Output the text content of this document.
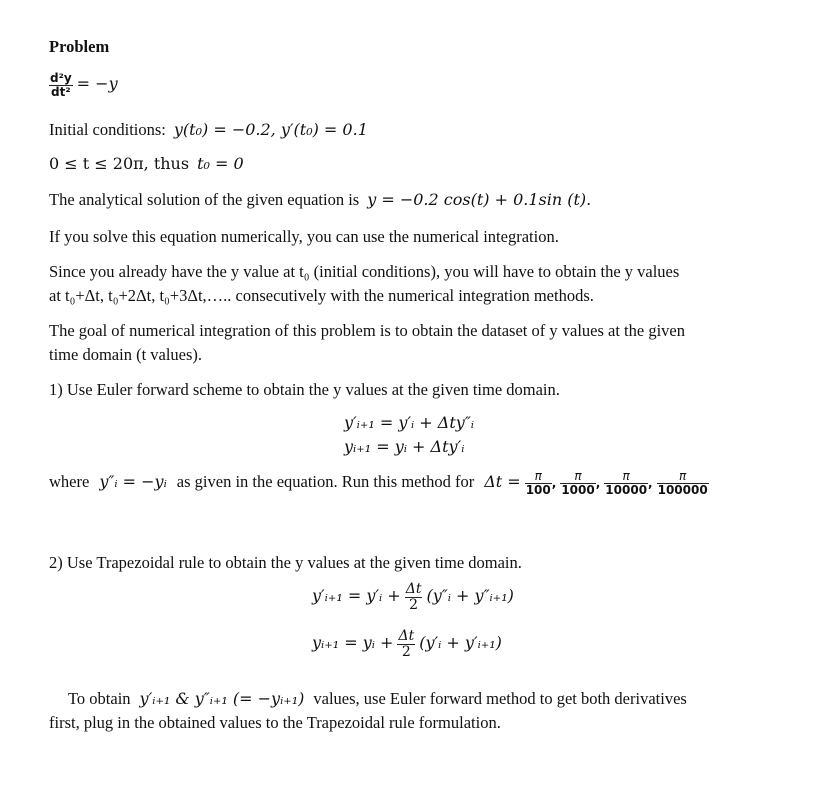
Problem
$\frac{\text{d²y}}{\text{dt²}} = -y$
Initial conditions: y(t₀) = −0.2, y′(t₀) = 0.1
0 ≤ t ≤ 20π, thus t₀ = 0
The analytical solution of the given equation is y = −0.2 cos(t) + 0.1sin (t).
If you solve this equation numerically, you can use the numerical integration.
Since you already have the y value at t₀ (initial conditions), you will have to obtain the y values
at t₀+Δt, t₀+2Δt, t₀+3Δt,….. consecutively with the numerical integration methods.
The goal of numerical integration of this problem is to obtain the dataset of y values at the given
time domain (t values).
1) Use Euler forward scheme to obtain the y values at the given time domain.
y′ᵢ₊₁ = y′ᵢ + Δty″ᵢ
yᵢ₊₁ = yᵢ + Δty′ᵢ
where y″ᵢ = −yᵢ as given in the equation. Run this method for $\Delta t = \frac{\pi}{100}$ , $\frac{\pi}{1000}$ , $\frac{\pi}{10000}$ , $\frac{\pi}{100000}$
2) Use Trapezoidal rule to obtain the y values at the given time domain.
y′ᵢ₊₁ = y′ᵢ + $\frac{\Delta t}{2}$ (y″ᵢ + y″ᵢ₊₁)
yᵢ₊₁ = yᵢ + $\frac{\Delta t}{2}$ (y′ᵢ + y′ᵢ₊₁)
To obtain y′ᵢ₊₁ & y″ᵢ₊₁ (= −yᵢ₊₁) values, use Euler forward method to get both derivatives
first, plug in the obtained values to the Trapezoidal rule formulation.
